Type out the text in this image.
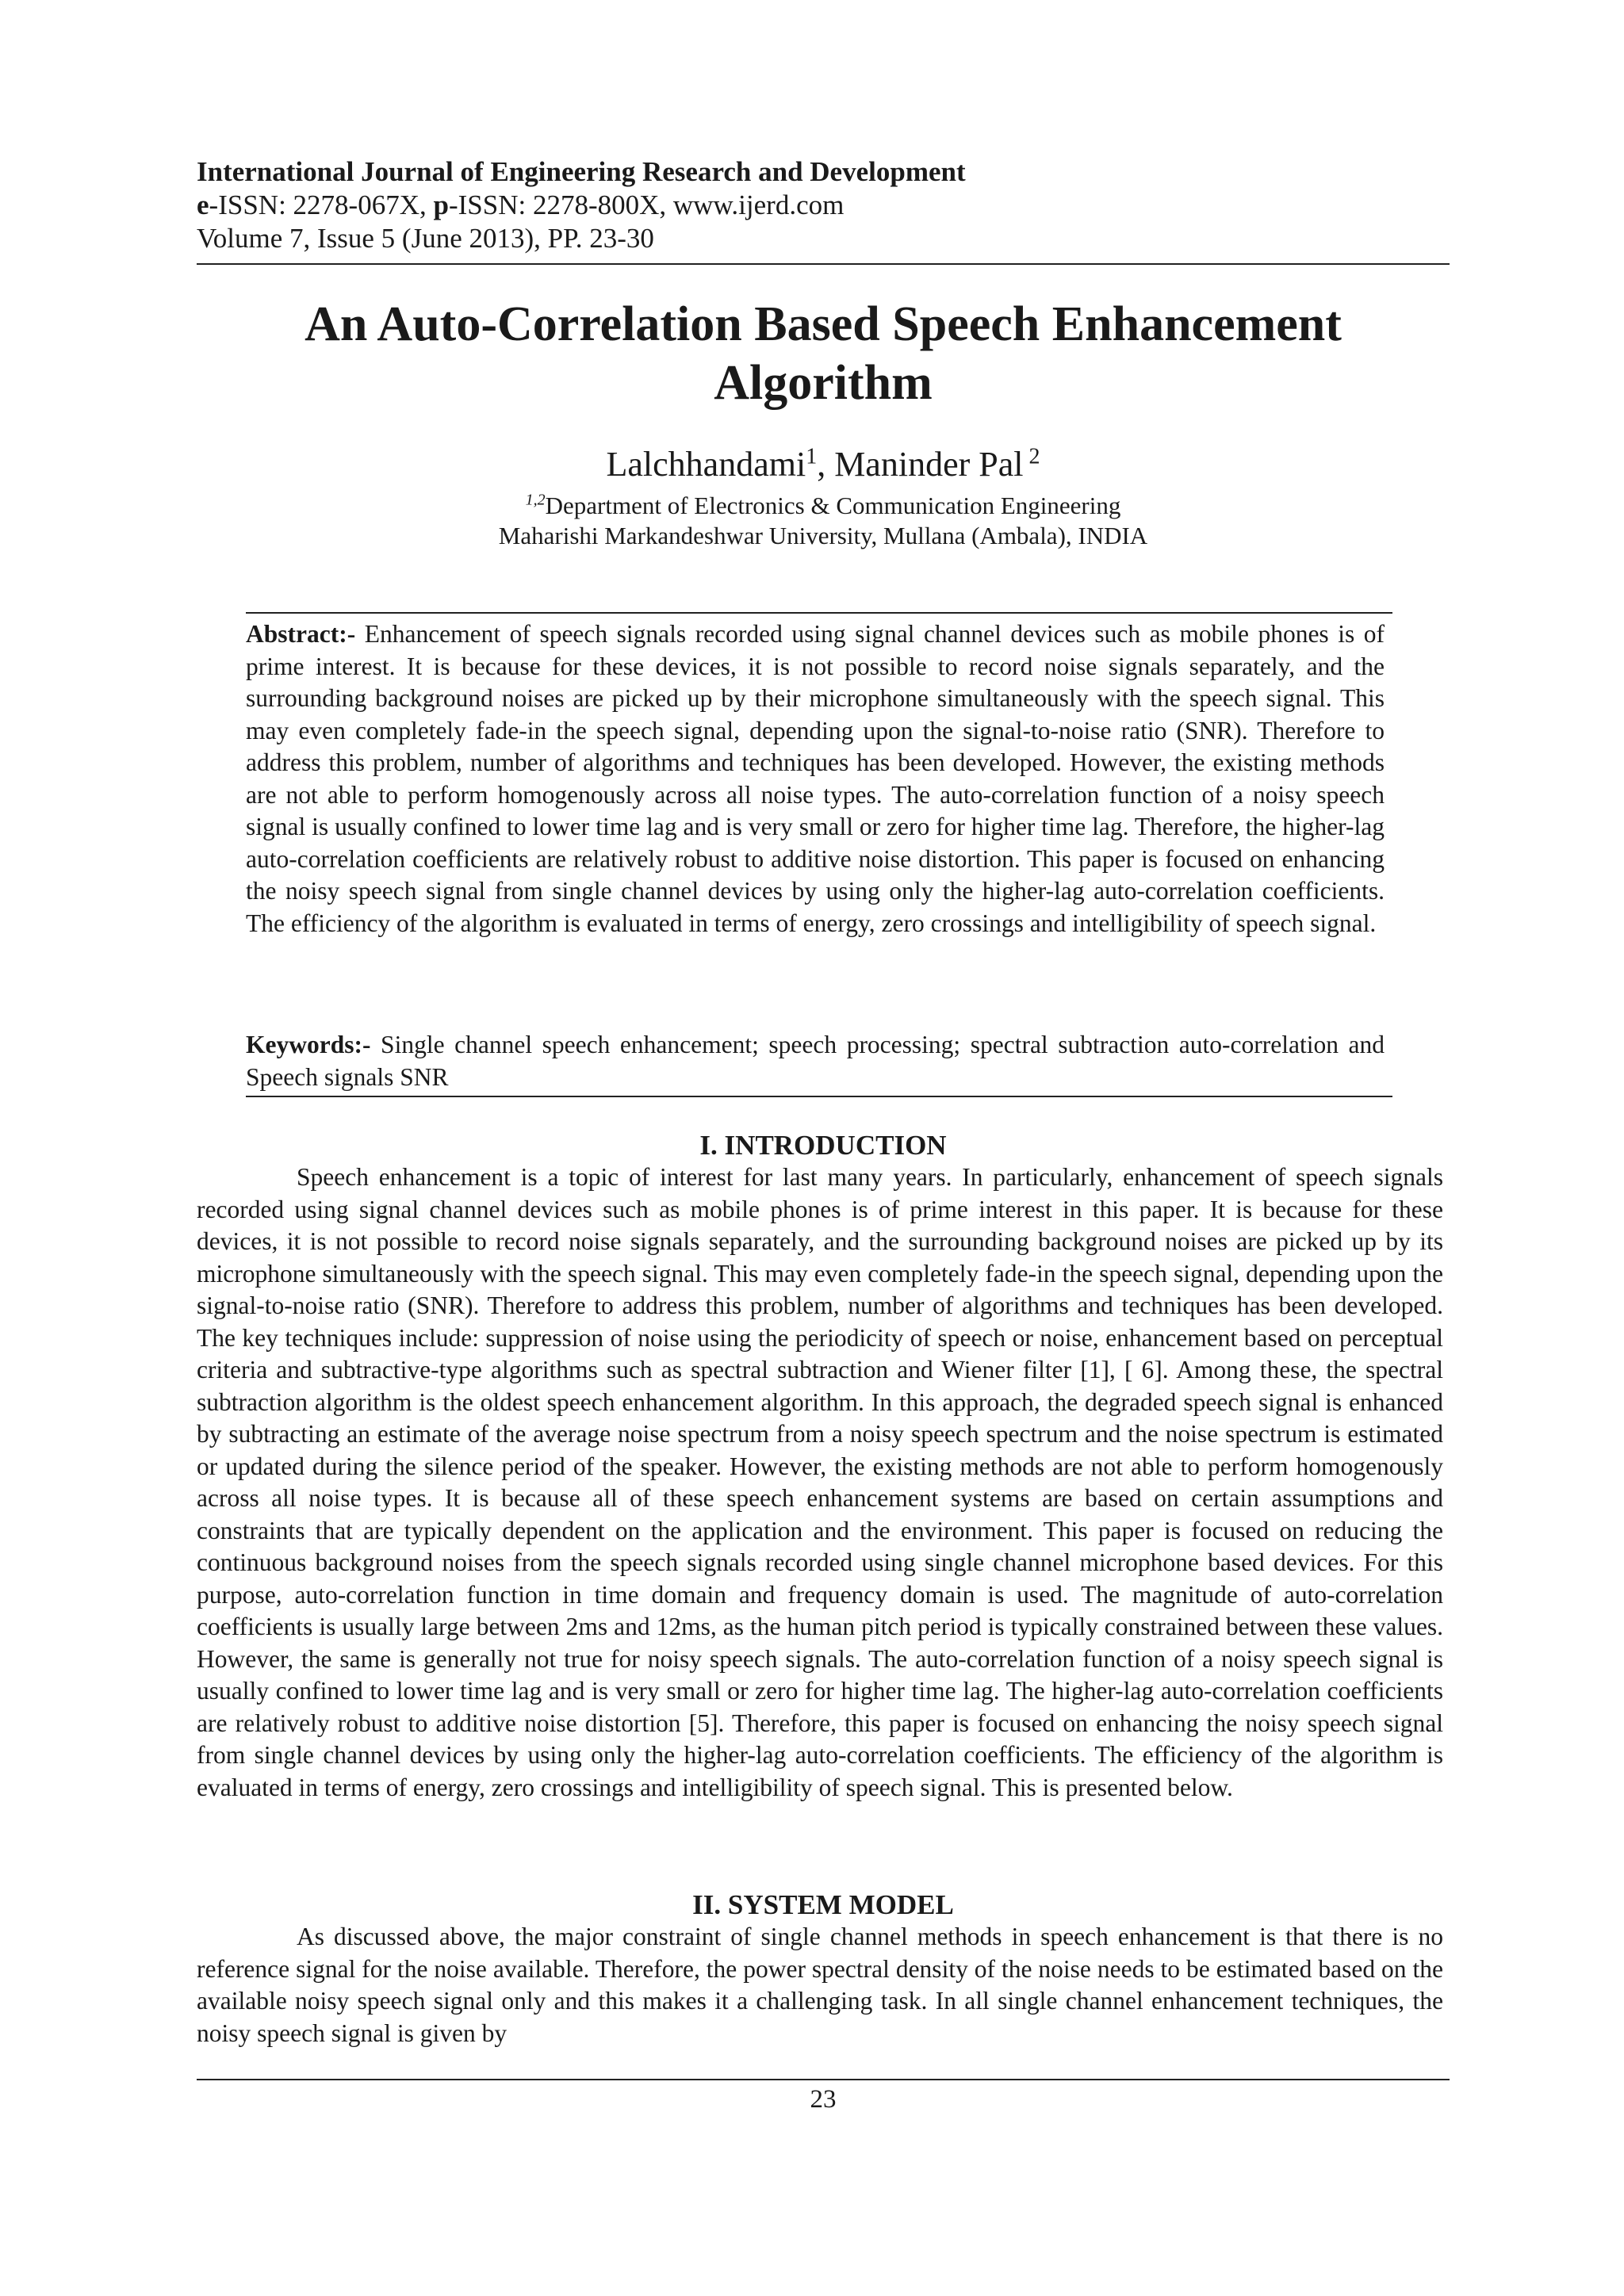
International Journal of Engineering Research and Development

e-ISSN: 2278-067X, p-ISSN: 2278-800X, www.ijerd.com

Volume 7, Issue 5 (June 2013), PP. 23-30

An Auto-Correlation Based Speech Enhancement
Algorithm

Lalchhandami$^1$, Maninder Pal $^2$

$^{1,2}$Department of Electronics & Communication Engineering

Maharishi Markandeshwar University, Mullana (Ambala), INDIA

Abstract:- Enhancement of speech signals recorded using signal channel devices such as mobile phones is of prime interest. It is because for these devices, it is not possible to record noise signals separately, and the surrounding background noises are picked up by their microphone simultaneously with the speech signal. This may even completely fade-in the speech signal, depending upon the signal-to-noise ratio (SNR). Therefore to address this problem, number of algorithms and techniques has been developed. However, the existing methods are not able to perform homogenously across all noise types. The auto-correlation function of a noisy speech signal is usually confined to lower time lag and is very small or zero for higher time lag. Therefore, the higher-lag auto-correlation coefficients are relatively robust to additive noise distortion. This paper is focused on enhancing the noisy speech signal from single channel devices by using only the higher-lag auto-correlation coefficients. The efficiency of the algorithm is evaluated in terms of energy, zero crossings and intelligibility of speech signal.

Keywords:- Single channel speech enhancement; speech processing; spectral subtraction auto-correlation and Speech signals SNR

I. INTRODUCTION

Speech enhancement is a topic of interest for last many years. In particularly, enhancement of speech signals recorded using signal channel devices such as mobile phones is of prime interest in this paper. It is because for these devices, it is not possible to record noise signals separately, and the surrounding background noises are picked up by its microphone simultaneously with the speech signal. This may even completely fade-in the speech signal, depending upon the signal-to-noise ratio (SNR). Therefore to address this problem, number of algorithms and techniques has been developed. The key techniques include: suppression of noise using the periodicity of speech or noise, enhancement based on perceptual criteria and subtractive-type algorithms such as spectral subtraction and Wiener filter [1], [ 6]. Among these, the spectral subtraction algorithm is the oldest speech enhancement algorithm. In this approach, the degraded speech signal is enhanced by subtracting an estimate of the average noise spectrum from a noisy speech spectrum and the noise spectrum is estimated or updated during the silence period of the speaker. However, the existing methods are not able to perform homogenously across all noise types. It is because all of these speech enhancement systems are based on certain assumptions and constraints that are typically dependent on the application and the environment. This paper is focused on reducing the continuous background noises from the speech signals recorded using single channel microphone based devices. For this purpose, auto-correlation function in time domain and frequency domain is used. The magnitude of auto-correlation coefficients is usually large between 2ms and 12ms, as the human pitch period is typically constrained between these values. However, the same is generally not true for noisy speech signals. The auto-correlation function of a noisy speech signal is usually confined to lower time lag and is very small or zero for higher time lag. The higher-lag auto-correlation coefficients are relatively robust to additive noise distortion [5]. Therefore, this paper is focused on enhancing the noisy speech signal from single channel devices by using only the higher-lag auto-correlation coefficients. The efficiency of the algorithm is evaluated in terms of energy, zero crossings and intelligibility of speech signal. This is presented below.

II. SYSTEM MODEL

As discussed above, the major constraint of single channel methods in speech enhancement is that there is no reference signal for the noise available. Therefore, the power spectral density of the noise needs to be estimated based on the available noisy speech signal only and this makes it a challenging task. In all single channel enhancement techniques, the noisy speech signal is given by

23
